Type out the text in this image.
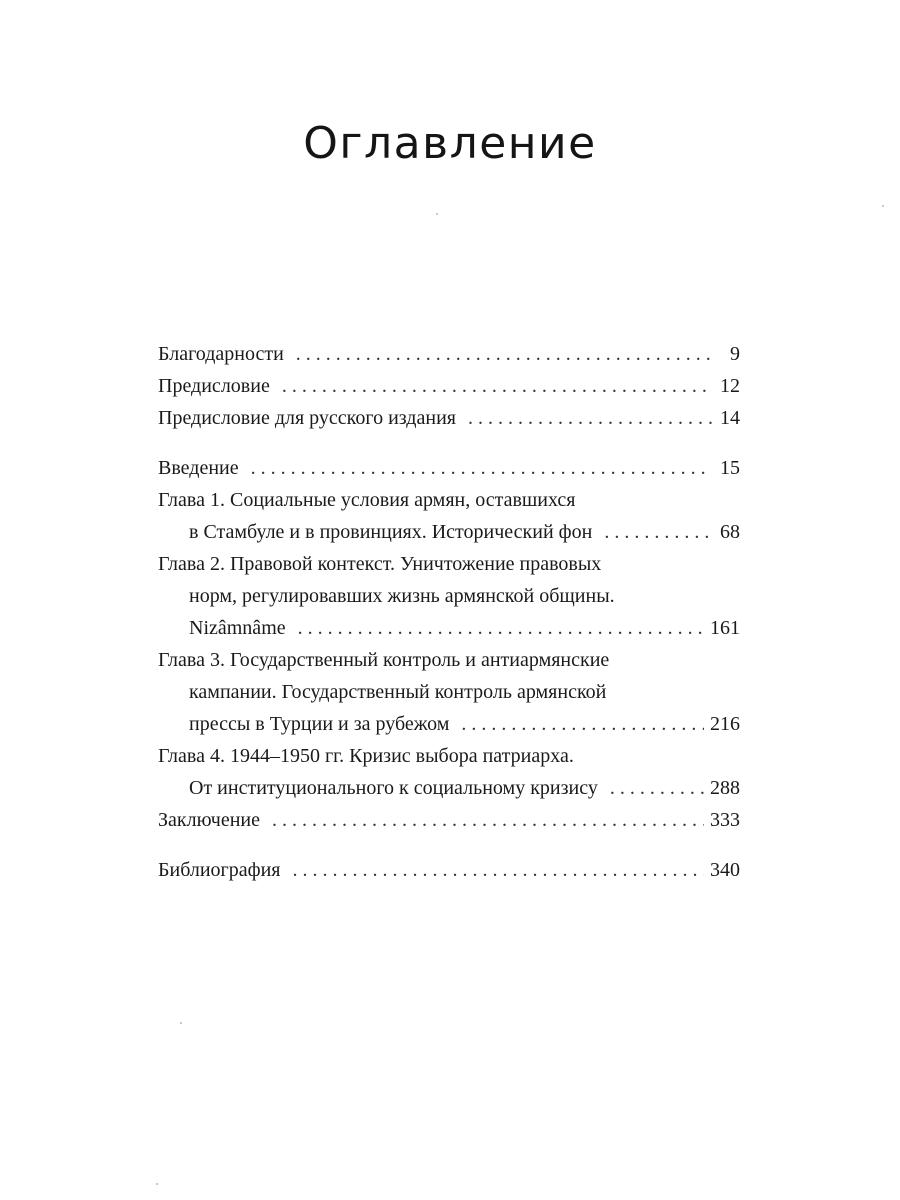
Оглавление
Благодарности . . .	9
Предисловие . . .	12
Предисловие для русского издания . . .	14
Введение . . .	15
Глава 1. Социальные условия армян, оставшихся
в Стамбуле и в провинциях. Исторический фон . . .	68
Глава 2. Правовой контекст. Уничтожение правовых
норм, регулировавших жизнь армянской общины.
Nizâmnâme . . .	161
Глава 3. Государственный контроль и антиармянские
кампании. Государственный контроль армянской
прессы в Турции и за рубежом . . .	216
Глава 4. 1944–1950 гг. Кризис выбора патриарха.
От институционального к социальному кризису . . .	288
Заключение . . .	333
Библиография . . .	340
